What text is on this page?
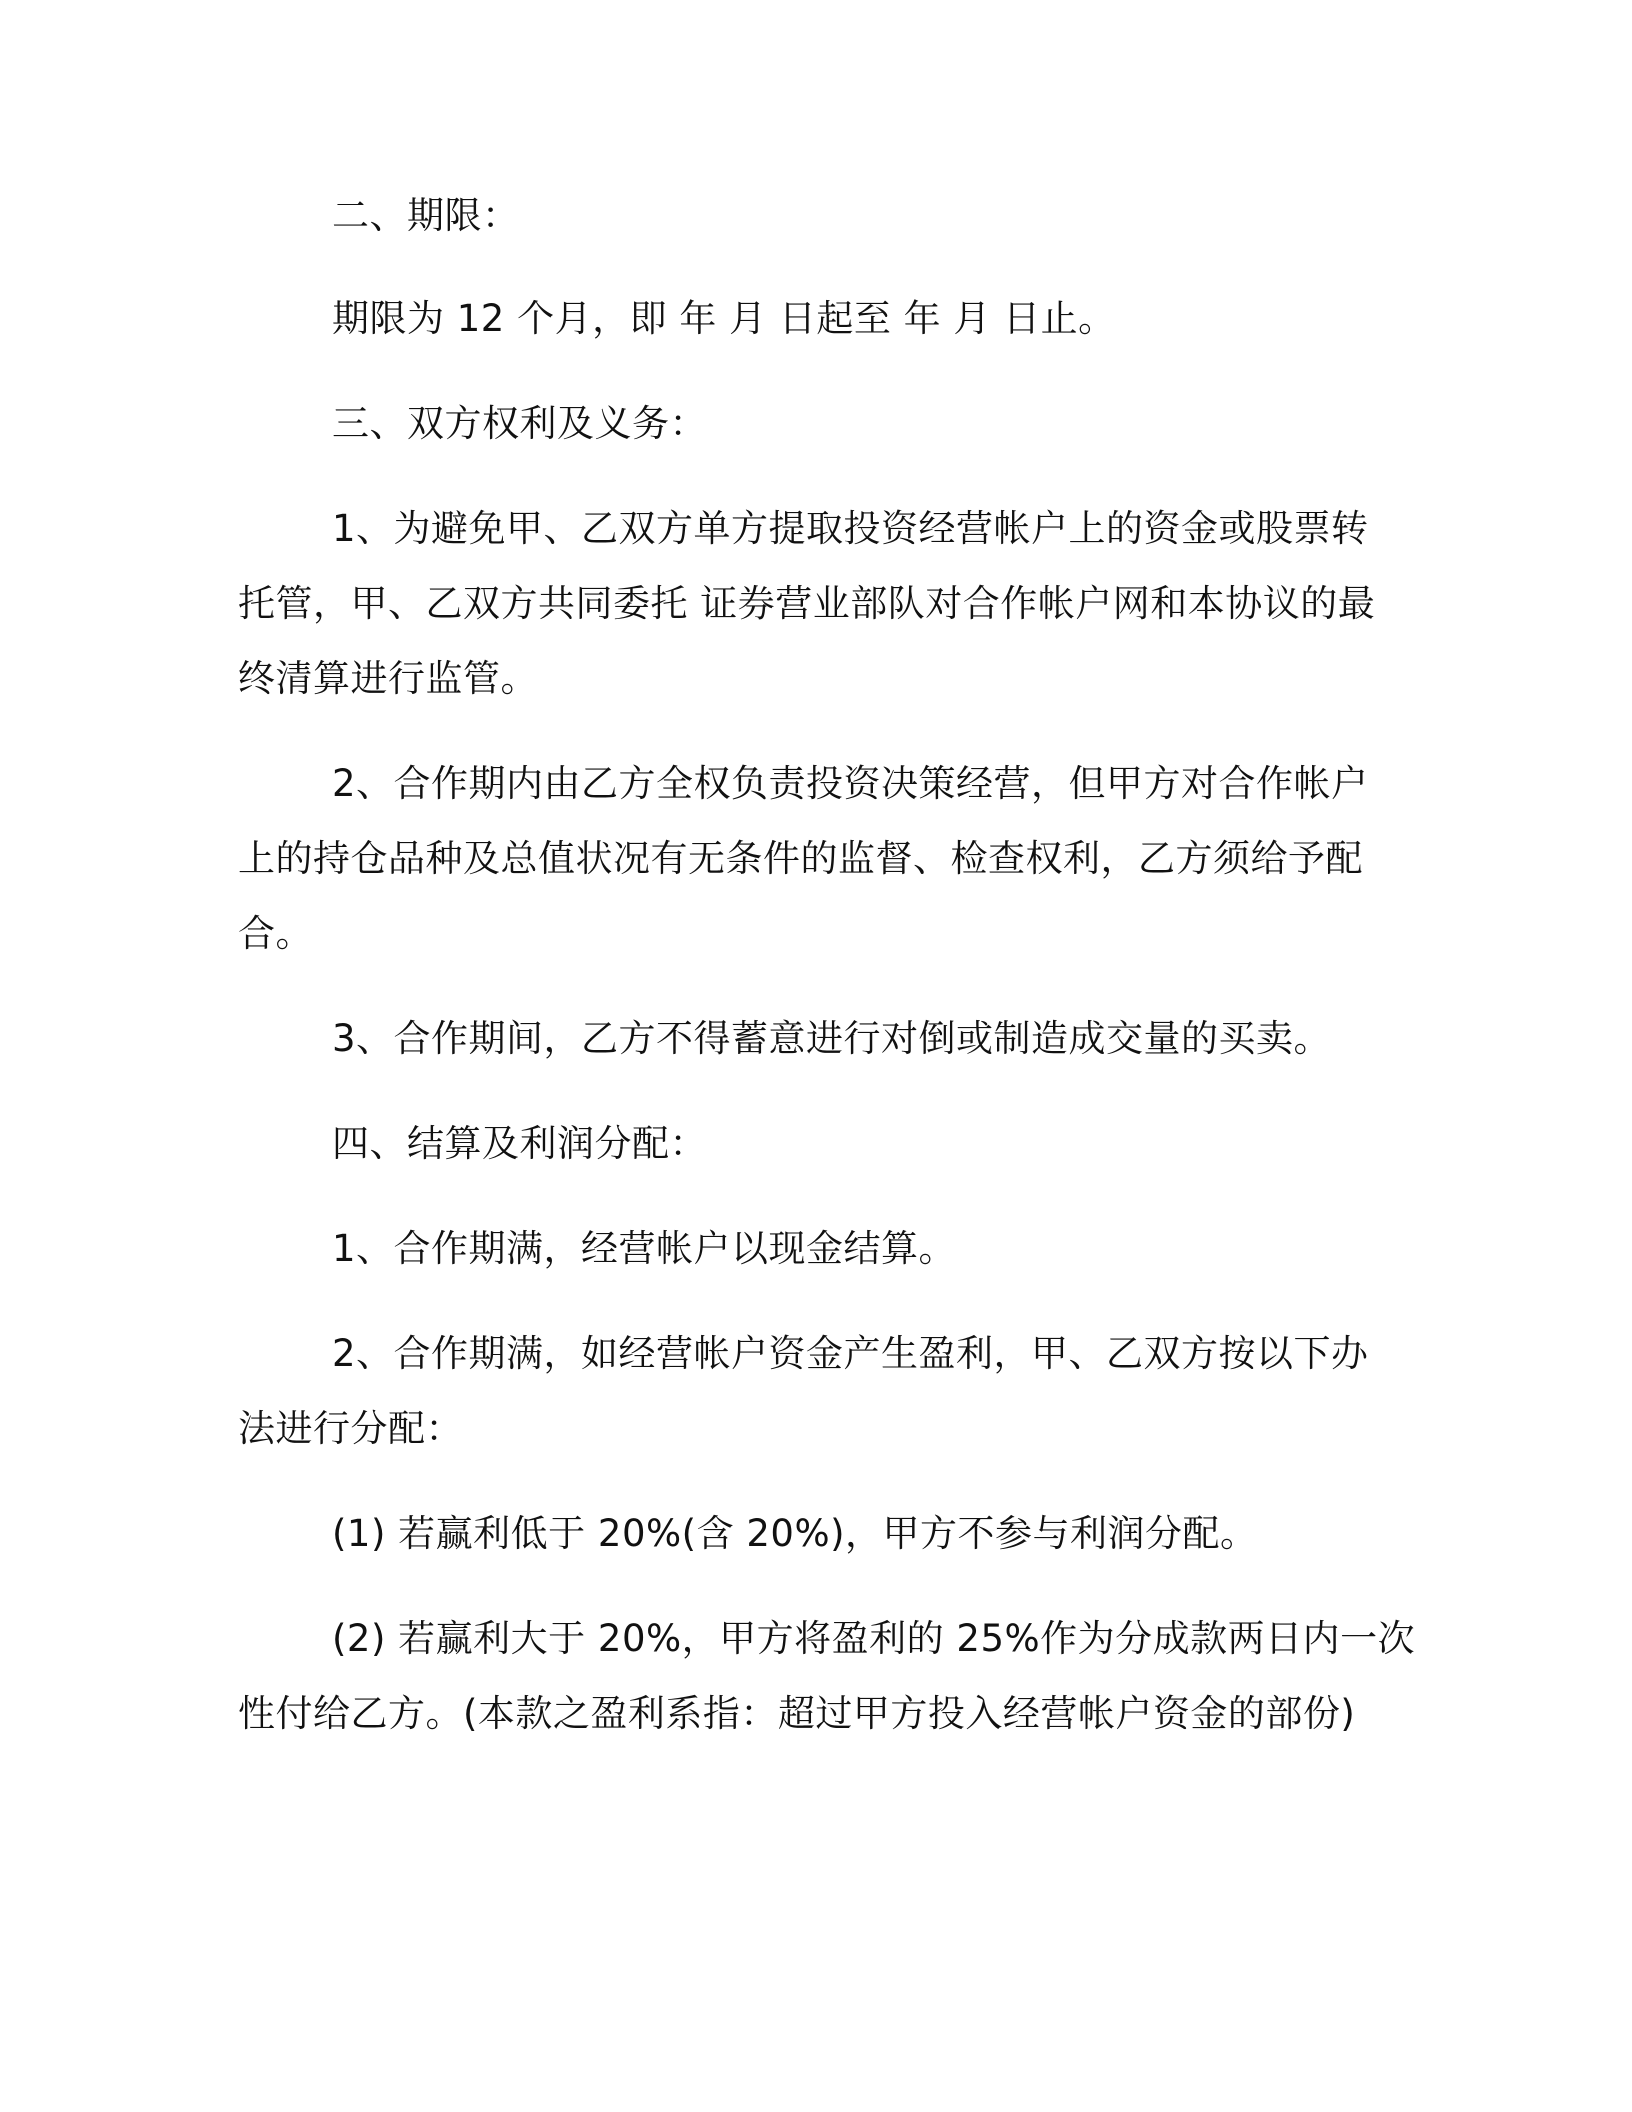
二、期限：
期限为 12 个月，即 年 月 日起至 年 月 日止。
三、双方权利及义务：
1、为避免甲、乙双方单方提取投资经营帐户上的资金或股票转
托管，甲、乙双方共同委托 证券营业部队对合作帐户网和本协议的最
终清算进行监管。
2、合作期内由乙方全权负责投资决策经营，但甲方对合作帐户
上的持仓品种及总值状况有无条件的监督、检查权利，乙方须给予配
合。
3、合作期间，乙方不得蓄意进行对倒或制造成交量的买卖。
四、结算及利润分配：
1、合作期满，经营帐户以现金结算。
2、合作期满，如经营帐户资金产生盈利，甲、乙双方按以下办
法进行分配：
(1) 若赢利低于 20%(含 20%)，甲方不参与利润分配。
(2) 若赢利大于 20%，甲方将盈利的 25%作为分成款两日内一次
性付给乙方。(本款之盈利系指：超过甲方投入经营帐户资金的部份)
